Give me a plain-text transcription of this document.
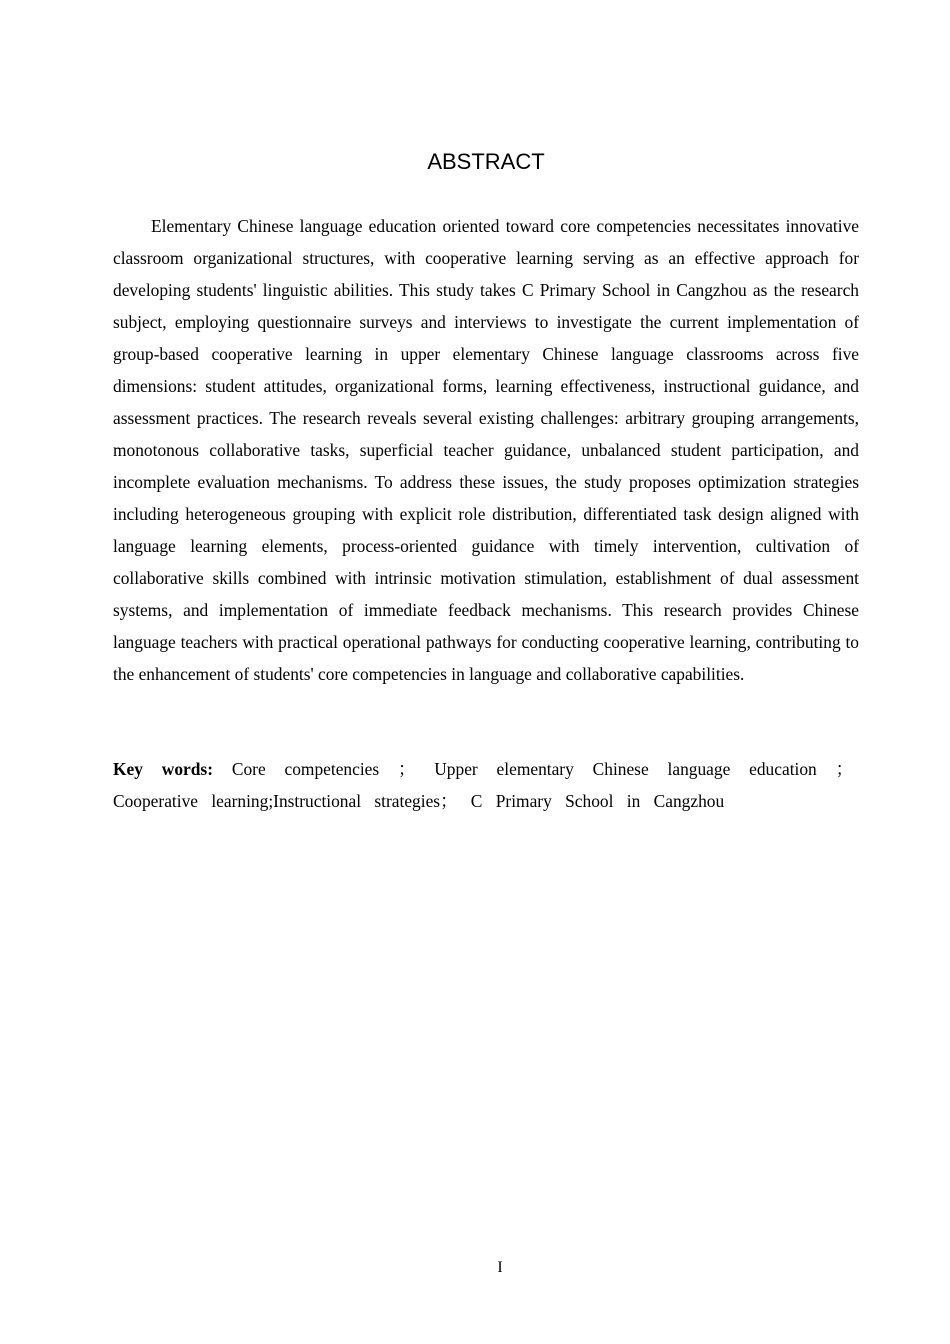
ABSTRACT

Elementary Chinese language education oriented toward core competencies necessitates innovative classroom organizational structures, with cooperative learning serving as an effective approach for developing students' linguistic abilities. This study takes C Primary School in Cangzhou as the research subject, employing questionnaire surveys and interviews to investigate the current implementation of group-based cooperative learning in upper elementary Chinese language classrooms across five dimensions: student attitudes, organizational forms, learning effectiveness, instructional guidance, and assessment practices. The research reveals several existing challenges: arbitrary grouping arrangements, monotonous collaborative tasks, superficial teacher guidance, unbalanced student participation, and incomplete evaluation mechanisms. To address these issues, the study proposes optimization strategies including heterogeneous grouping with explicit role distribution, differentiated task design aligned with language learning elements, process-oriented guidance with timely intervention, cultivation of collaborative skills combined with intrinsic motivation stimulation, establishment of dual assessment systems, and implementation of immediate feedback mechanisms. This research provides Chinese language teachers with practical operational pathways for conducting cooperative learning, contributing to the enhancement of students' core competencies in language and collaborative capabilities.

Key words: Core competencies ； Upper elementary Chinese language education ； Cooperative learning;Instructional strategies； C Primary School in Cangzhou

I
